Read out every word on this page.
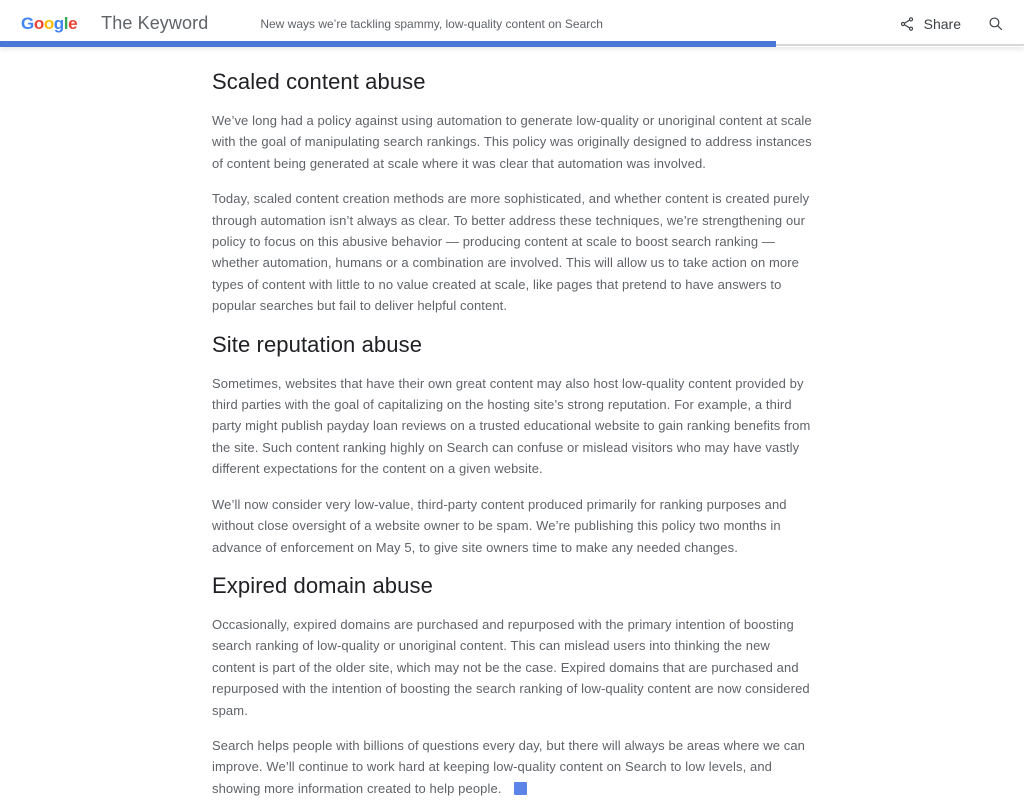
Google The Keyword	New ways we’re tackling spammy, low-quality content on Search	Share
Scaled content abuse

We’ve long had a policy against using automation to generate low-quality or unoriginal content at scale with the goal of manipulating search rankings. This policy was originally designed to address instances of content being generated at scale where it was clear that automation was involved.

Today, scaled content creation methods are more sophisticated, and whether content is created purely through automation isn’t always as clear. To better address these techniques, we’re strengthening our policy to focus on this abusive behavior — producing content at scale to boost search ranking — whether automation, humans or a combination are involved. This will allow us to take action on more types of content with little to no value created at scale, like pages that pretend to have answers to popular searches but fail to deliver helpful content.

Site reputation abuse

Sometimes, websites that have their own great content may also host low-quality content provided by third parties with the goal of capitalizing on the hosting site’s strong reputation. For example, a third party might publish payday loan reviews on a trusted educational website to gain ranking benefits from the site. Such content ranking highly on Search can confuse or mislead visitors who may have vastly different expectations for the content on a given website.

We’ll now consider very low-value, third-party content produced primarily for ranking purposes and without close oversight of a website owner to be spam. We’re publishing this policy two months in advance of enforcement on May 5, to give site owners time to make any needed changes.

Expired domain abuse

Occasionally, expired domains are purchased and repurposed with the primary intention of boosting search ranking of low-quality or unoriginal content. This can mislead users into thinking the new content is part of the older site, which may not be the case. Expired domains that are purchased and repurposed with the intention of boosting the search ranking of low-quality content are now considered spam.

Search helps people with billions of questions every day, but there will always be areas where we can improve. We’ll continue to work hard at keeping low-quality content on Search to low levels, and showing more information created to help people.
